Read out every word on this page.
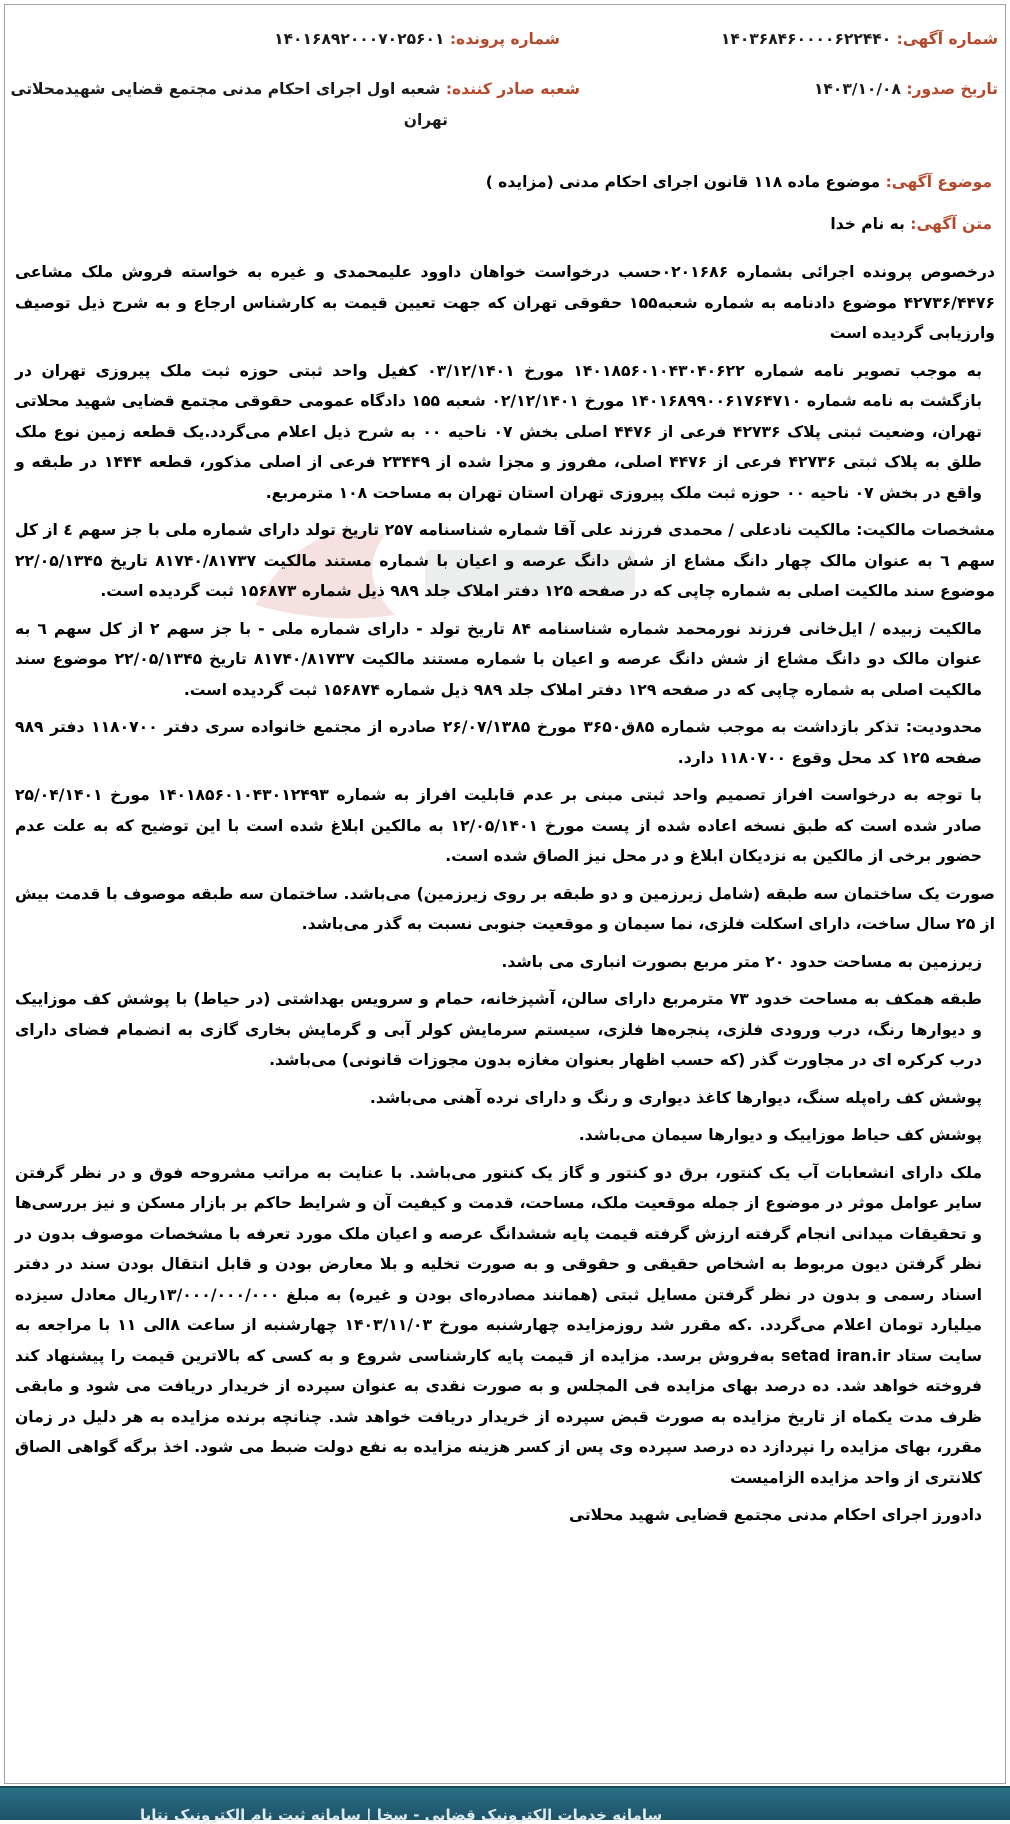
شماره آگهی: ۱۴۰۳۶۸۴۶۰۰۰۰۶۲۲۴۴۰
شماره پرونده: ۱۴۰۱۶۸۹۲۰۰۰۷۰۲۵۶۰۱
تاریخ صدور: ۱۴۰۳/۱۰/۰۸
شعبه صادر کننده: شعبه اول اجرای احکام مدنی مجتمع قضایی شهیدمحلاتی
تهران
موضوع آگهی: موضوع ماده ۱۱۸ قانون اجرای احکام مدنی (مزایده )
متن آگهی: به نام خدا

درخصوص پرونده اجرائی بشماره ۰۲۰۱۶۸۶حسب درخواست خواهان داوود علیمحمدی و غیره به خواسته فروش ملک مشاعی ۴۲۷۳۶/۴۴۷۶ موضوع دادنامه به شماره شعبه۱۵۵ حقوقی تهران که جهت تعیین قیمت به کارشناس ارجاع و به شرح ذیل توصیف وارزیابی گردیده است

به موجب تصویر نامه شماره ۱۴۰۱۸۵۶۰۱۰۴۳۰۴۰۶۲۲ مورخ ۰۳/۱۲/۱۴۰۱ کفیل واحد ثبتی حوزه ثبت ملک پیروزی تهران در بازگشت به نامه شماره ۱۴۰۱۶۸۹۹۰۰۶۱۷۶۴۷۱۰ مورخ ۰۲/۱۲/۱۴۰۱ شعبه ۱۵۵ دادگاه عمومی حقوقی مجتمع قضایی شهید محلاتی تهران، وضعیت ثبتی پلاک ۴۲۷۳۶ فرعی از ۴۴۷۶ اصلی بخش ۰۷ ناحیه ۰۰ به شرح ذیل اعلام می‌گردد.یک قطعه زمین نوع ملک طلق به پلاک ثبتی ۴۲۷۳۶ فرعی از ۴۴۷۶ اصلی، مفروز و مجزا شده از ۲۳۴۴۹ فرعی از اصلی مذکور، قطعه ۱۴۴۴ در طبقه و واقع در بخش ۰۷ ناحیه ۰۰ حوزه ثبت ملک پیروزی تهران استان تهران به مساحت ۱۰۸ مترمربع.

مشخصات مالکیت: مالکیت نادعلی / محمدی فرزند علی آقا شماره شناسنامه ۲۵۷ تاریخ تولد دارای شماره ملی با جز سهم ٤ از کل سهم ٦ به عنوان مالک چهار دانگ مشاع از شش دانگ عرصه و اعیان با شماره مستند مالکیت ۸۱۷۴۰/۸۱۷۳۷ تاریخ ۲۲/۰۵/۱۳۴۵ موضوع سند مالکیت اصلی به شماره چاپی که در صفحه ۱۲۵ دفتر املاک جلد ۹۸۹ ذیل شماره ۱۵۶۸۷۳ ثبت گردیده است.

مالکیت زبیده / ایل‌خانی فرزند نورمحمد شماره شناسنامه ۸۴ تاریخ تولد - دارای شماره ملی - با جز سهم ۲ از کل سهم ٦ به عنوان مالک دو دانگ مشاع از شش دانگ عرصه و اعیان با شماره مستند مالکیت ۸۱۷۴۰/۸۱۷۳۷ تاریخ ۲۲/۰۵/۱۳۴۵ موضوع سند مالکیت اصلی به شماره چاپی که در صفحه ۱۲۹ دفتر املاک جلد ۹۸۹ ذیل شماره ۱۵۶۸۷۴ ثبت گردیده است.

محدودیت: تذکر بازداشت به موجب شماره ۸۵ق۳۶۵۰ مورخ ۲۶/۰۷/۱۳۸۵ صادره از مجتمع خانواده سری دفتر ۱۱۸۰۷۰۰ دفتر ۹۸۹ صفحه ۱۲۵ کد محل وقوع ۱۱۸۰۷۰۰ دارد.

با توجه به درخواست افراز تصمیم واحد ثبتی مبنی بر عدم قابلیت افراز به شماره ۱۴۰۱۸۵۶۰۱۰۴۳۰۱۲۴۹۳ مورخ ۲۵/۰۴/۱۴۰۱ صادر شده است که طبق نسخه اعاده شده از پست مورخ ۱۲/۰۵/۱۴۰۱ به مالکین ابلاغ شده است با این توضیح که به علت عدم حضور برخی از مالکین به نزدیکان ابلاغ و در محل نیز الصاق شده است.

صورت یک ساختمان سه طبقه (شامل زیرزمین و دو طبقه بر روی زیرزمین) می‌باشد. ساختمان سه طبقه موصوف با قدمت بیش از ۲۵ سال ساخت، دارای اسکلت فلزی، نما سیمان و موقعیت جنوبی نسبت به گذر می‌باشد.

زیرزمین به مساحت حدود ۲۰ متر مربع بصورت انباری می باشد.

طبقه همکف به مساحت خدود ۷۳ مترمربع دارای سالن، آشپزخانه، حمام و سرویس بهداشتی (در حیاط) با پوشش کف موزاییک و دیوارها رنگ، درب ورودی فلزی، پنجره‌ها فلزی، سیستم سرمایش کولر آبی و گرمایش بخاری گازی به انضمام فضای دارای درب کرکره ای در مجاورت گذر (که حسب اظهار بعنوان مغازه بدون مجوزات قانونی) می‌باشد.

پوشش کف راه‌پله سنگ، دیوارها کاغذ دیواری و رنگ و دارای نرده آهنی می‌باشد.

پوشش کف حیاط موزاییک و دیوارها سیمان می‌باشد.

ملک دارای انشعابات آب یک کنتور، برق دو کنتور و گاز یک کنتور می‌باشد. با عنایت به مراتب مشروحه فوق و در نظر گرفتن سایر عوامل موثر در موضوع از جمله موقعیت ملک، مساحت، قدمت و کیفیت آن و شرایط حاکم بر بازار مسکن و نیز بررسی‌ها و تحقیقات میدانی انجام گرفته ارزش گرفته قیمت پایه ششدانگ عرصه و اعیان ملک مورد تعرفه با مشخصات موصوف بدون در نظر گرفتن دیون مربوط به اشخاص حقیقی و حقوقی و به صورت تخلیه و بلا معارض بودن و قابل انتقال بودن سند در دفتر اسناد رسمی و بدون در نظر گرفتن مسایل ثبتی (همانند مصادره‌ای بودن و غیره) به مبلغ ۱۳/۰۰۰/۰۰۰/۰۰۰ریال معادل سیزده میلیارد تومان اعلام می‌گردد. .که مقرر شد روزمزایده چهارشنبه مورخ ۱۴۰۳/۱۱/۰۳ چهارشنبه از ساعت ۸الی ۱۱ با مراجعه به سایت ستاد setad iran.ir به‌فروش برسد. مزایده از قیمت پایه کارشناسی شروع و به کسی که بالاترین قیمت را پیشنهاد کند فروخته خواهد شد. ده درصد بهای مزایده فی المجلس و به صورت نقدی به عنوان سپرده از خریدار دریافت می شود و مابقی ظرف مدت یکماه از تاریخ مزایده به صورت قبض سپرده از خریدار دریافت خواهد شد. چنانچه برنده مزایده به هر دلیل در زمان مقرر، بهای مزایده را نپردازد ده درصد سپرده وی پس از کسر هزینه مزایده به نفع دولت ضبط می شود. اخذ برگه گواهی الصاق کلانتری از واحد مزایده الزامیست

دادورز اجرای احکام مدنی مجتمع قضایی شهید محلاتی

سامانه خدمات الکترونیک قضایی - سخا | سامانه ثبت نام الکترونیک نتایا
